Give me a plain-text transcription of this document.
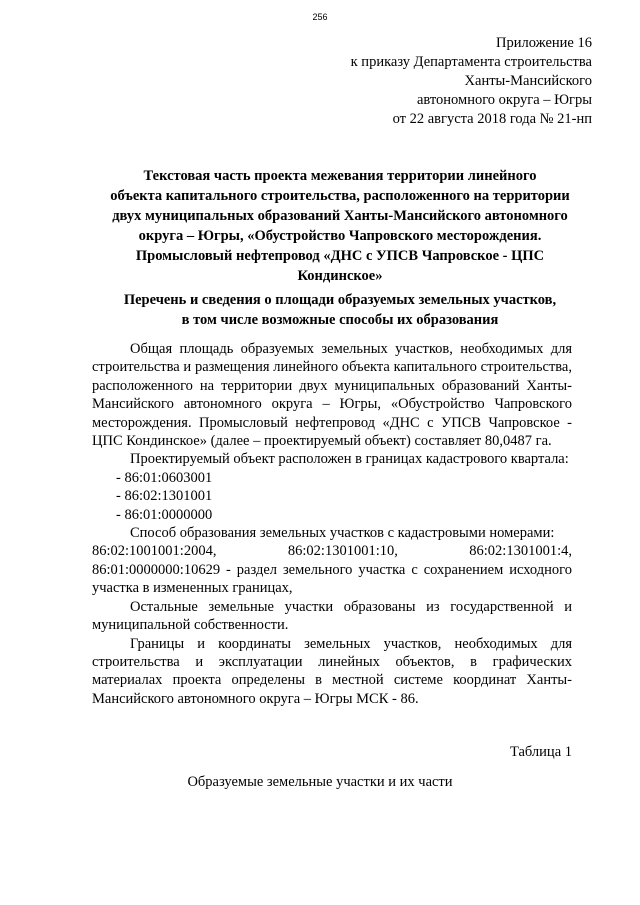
256
Приложение 16
к приказу Департамента строительства
Ханты-Мансийского
автономного округа – Югры
от 22 августа 2018 года № 21-нп
Текстовая часть проекта межевания территории линейного
объекта капитального строительства, расположенного на территории
двух муниципальных образований Ханты-Мансийского автономного
округа – Югры, «Обустройство Чапровского месторождения.
Промысловый нефтепровод «ДНС с УПСВ Чапровское - ЦПС
Кондинское»
Перечень и сведения о площади образуемых земельных участков,
в том числе возможные способы их образования

Общая площадь образуемых земельных участков, необходимых для строительства и размещения линейного объекта капитального строительства, расположенного на территории двух муниципальных образований Ханты-Мансийского автономного округа – Югры, «Обустройство Чапровского месторождения. Промысловый нефтепровод «ДНС с УПСВ Чапровское - ЦПС Кондинское» (далее – проектируемый объект) составляет 80,0487 га.

Проектируемый объект расположен в границах кадастрового квартала:

- 86:01:0603001

- 86:02:1301001

- 86:01:0000000

Способ образования земельных участков с кадастровыми номерами:

86:02:1001001:2004,	86:02:1301001:10,	86:02:1301001:4,

86:01:0000000:10629 - раздел земельного участка с сохранением исходного участка в измененных границах,

Остальные земельные участки образованы из государственной и муниципальной собственности.

Границы и координаты земельных участков, необходимых для строительства и эксплуатации линейных объектов, в графических материалах проекта определены в местной системе координат Ханты-Мансийского автономного округа – Югры МСК - 86.

Таблица 1
Образуемые земельные участки и их части
